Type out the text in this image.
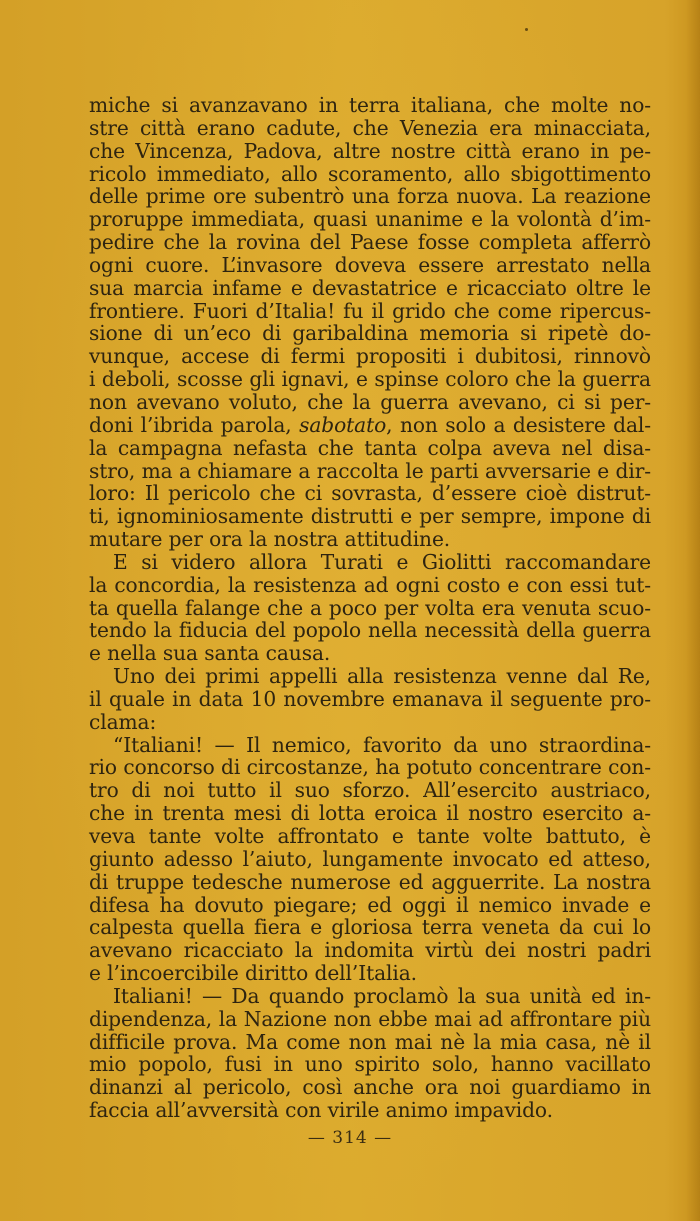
miche si avanzavano in terra italiana, che molte no-
stre città erano cadute, che Venezia era minacciata,
che Vincenza, Padova, altre nostre città erano in pe-
ricolo immediato, allo scoramento, allo sbigottimento
delle prime ore subentrò una forza nuova. La reazione
proruppe immediata, quasi unanime e la volontà d’im-
pedire che la rovina del Paese fosse completa afferrò
ogni cuore. L’invasore doveva essere arrestato nella
sua marcia infame e devastatrice e ricacciato oltre le
frontiere. Fuori d’Italia! fu il grido che come ripercus-
sione di un’eco di garibaldina memoria si ripetè do-
vunque, accese di fermi propositi i dubitosi, rinnovò
i deboli, scosse gli ignavi, e spinse coloro che la guerra
non avevano voluto, che la guerra avevano, ci si per-
doni l’ibrida parola, sabotato, non solo a desistere dal-
la campagna nefasta che tanta colpa aveva nel disa-
stro, ma a chiamare a raccolta le parti avversarie e dir-
loro: Il pericolo che ci sovrasta, d’essere cioè distrut-
ti, ignominiosamente distrutti e per sempre, impone di
mutare per ora la nostra attitudine.
E si videro allora Turati e Giolitti raccomandare
la concordia, la resistenza ad ogni costo e con essi tut-
ta quella falange che a poco per volta era venuta scuo-
tendo la fiducia del popolo nella necessità della guerra
e nella sua santa causa.
Uno dei primi appelli alla resistenza venne dal Re,
il quale in data 10 novembre emanava il seguente pro-
clama:
“Italiani! — Il nemico, favorito da uno straordina-
rio concorso di circostanze, ha potuto concentrare con-
tro di noi tutto il suo sforzo. All’esercito austriaco,
che in trenta mesi di lotta eroica il nostro esercito a-
veva tante volte affrontato e tante volte battuto, è
giunto adesso l’aiuto, lungamente invocato ed atteso,
di truppe tedesche numerose ed agguerrite. La nostra
difesa ha dovuto piegare; ed oggi il nemico invade e
calpesta quella fiera e gloriosa terra veneta da cui lo
avevano ricacciato la indomita virtù dei nostri padri
e l’incoercibile diritto dell’Italia.
Italiani! — Da quando proclamò la sua unità ed in-
dipendenza, la Nazione non ebbe mai ad affrontare più
difficile prova. Ma come non mai nè la mia casa, nè il
mio popolo, fusi in uno spirito solo, hanno vacillato
dinanzi al pericolo, così anche ora noi guardiamo in
faccia all’avversità con virile animo impavido.
— 314 —
